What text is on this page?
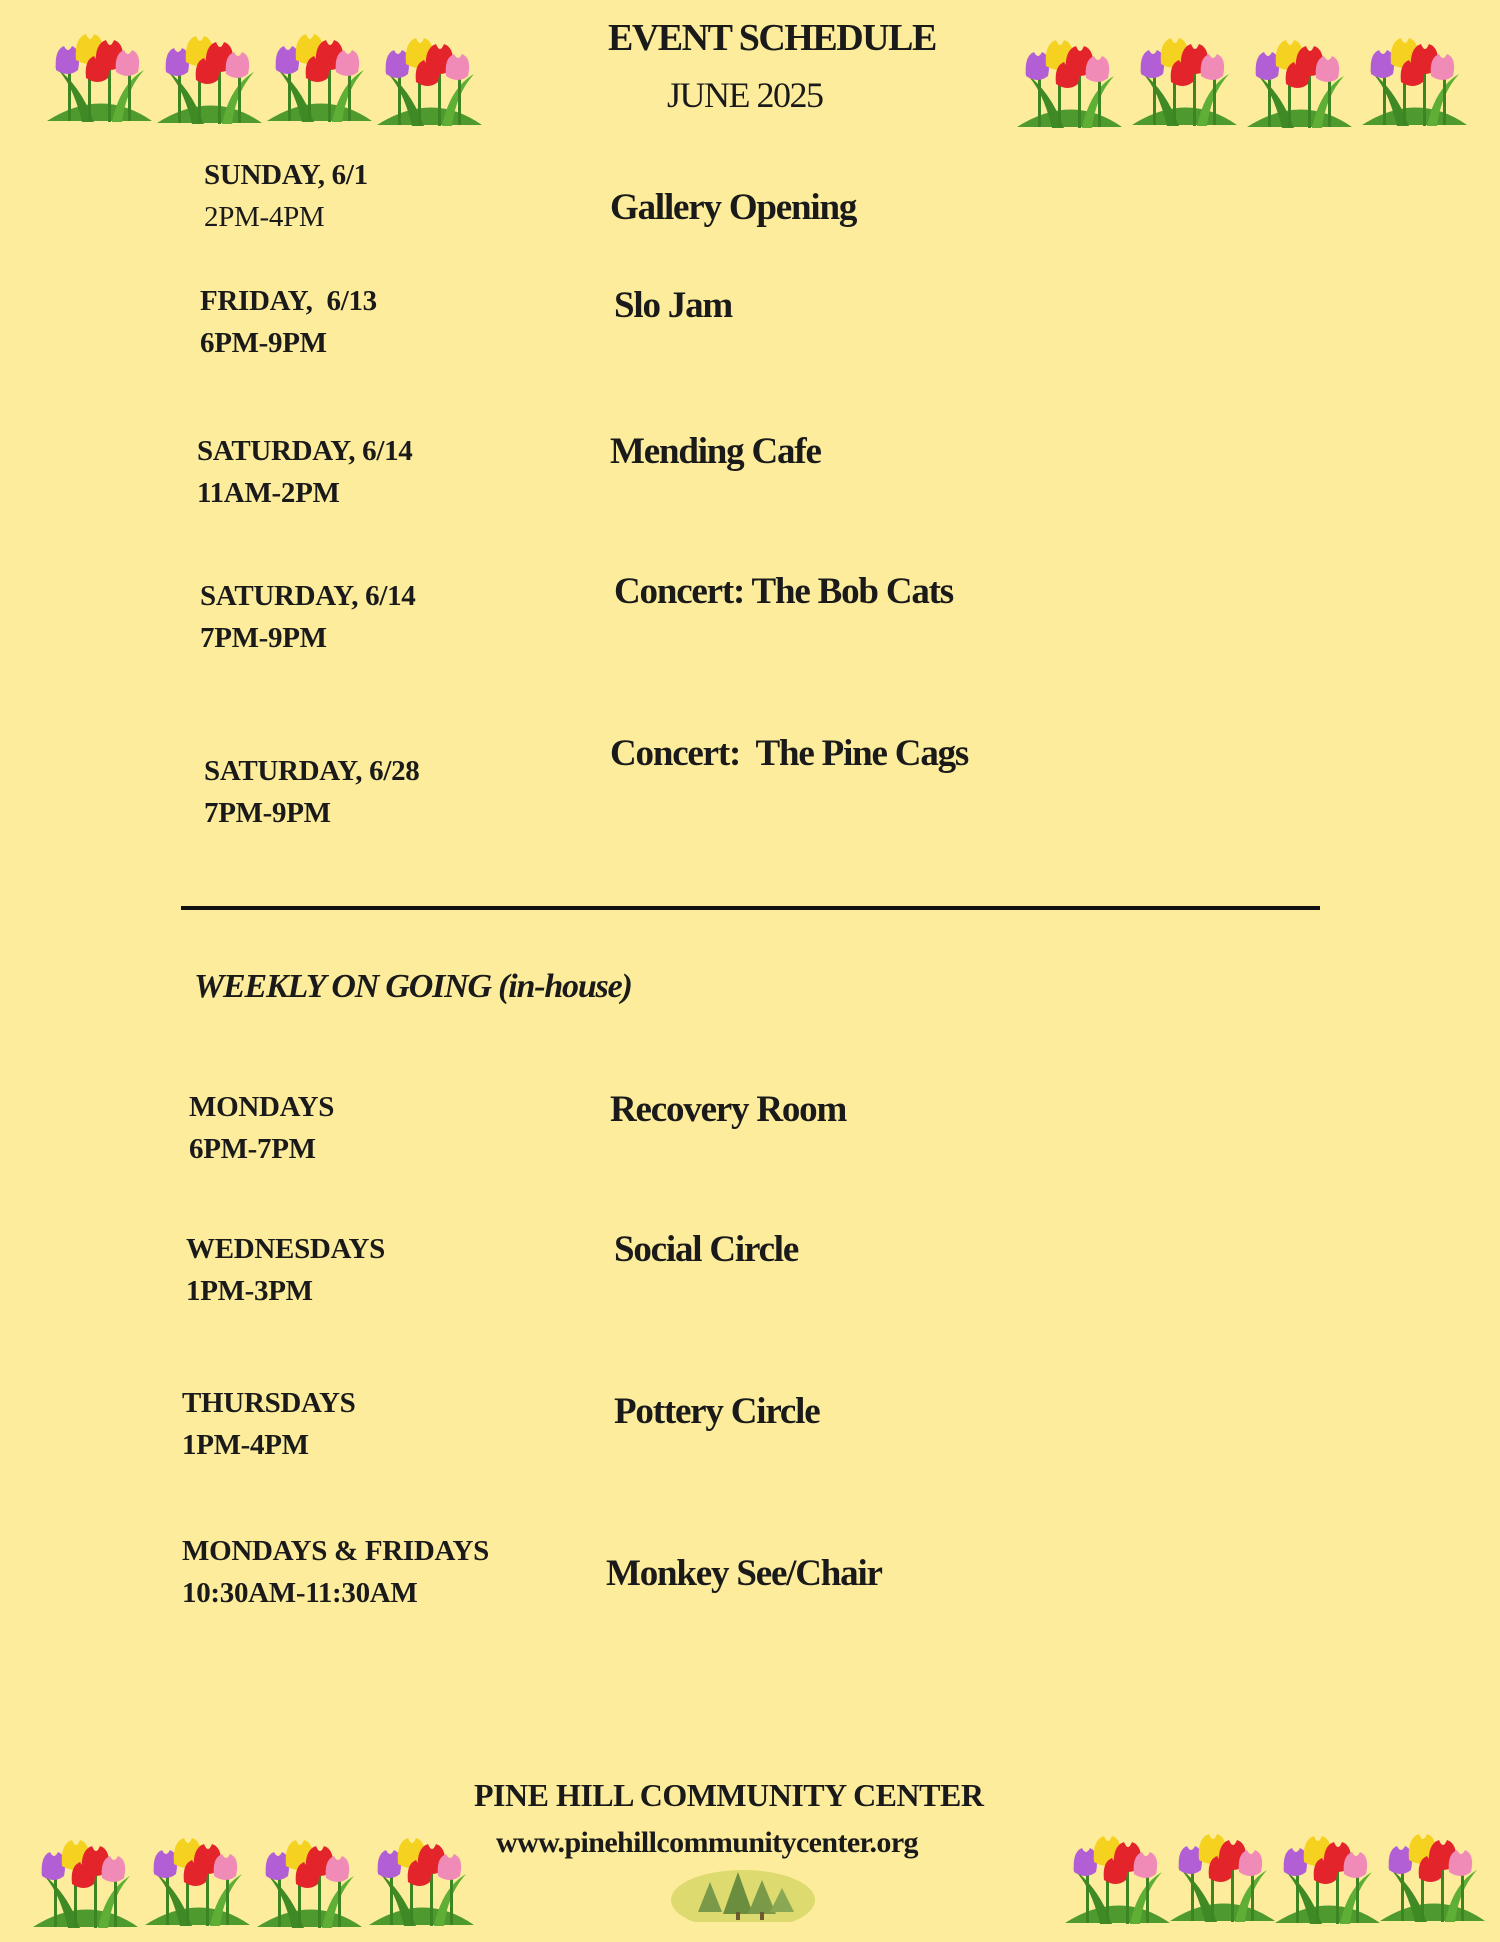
EVENT SCHEDULE
JUNE 2025
SUNDAY, 6/1
2PM-4PM	Gallery Opening
FRIDAY,  6/13
6PM-9PM
Slo Jam
SATURDAY, 6/14
11AM-2PM
Mending Cafe
SATURDAY, 6/14
7PM-9PM
Concert: The Bob Cats
SATURDAY, 6/28
7PM-9PM
Concert:  The Pine Cags
WEEKLY ON GOING (in-house)
MONDAYS
6PM-7PM
Recovery Room
WEDNESDAYS
1PM-3PM
Social Circle
THURSDAYS
1PM-4PM
Pottery Circle
MONDAYS & FRIDAYS
10:30AM-11:30AM	Monkey See/Chair
PINE HILL COMMUNITY CENTER
www.pinehillcommunitycenter.org
